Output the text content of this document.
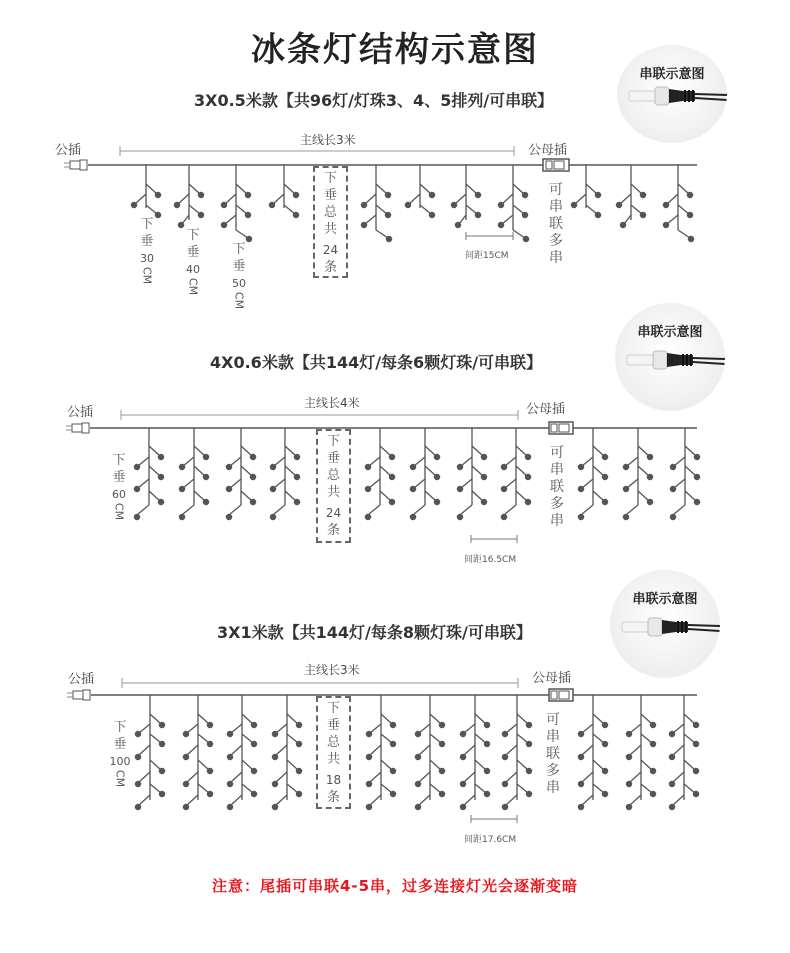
冰条灯结构示意图
3X0.5米款【共96灯/灯珠3、4、5排列/可串联】
串联示意图
公插
主线长3米
公母插
下
垂
30
CM
下
垂
40
CM
下
垂
50
CM
下
垂
总
共
24
条
可串联多串
间距15CM
4X0.6米款【共144灯/每条6颗灯珠/可串联】
串联示意图
公插
主线长4米	公母插
下
垂
60
CM
下
垂
总
共
24
条
可串联多串
间距16.5CM
3X1米款【共144灯/每条8颗灯珠/可串联】
串联示意图
公插
主线长3米
公母插
下
垂
100
CM
下
垂
总
共
18
条
可串联多串
间距17.6CM
注意：尾插可串联4-5串，过多连接灯光会逐渐变暗
